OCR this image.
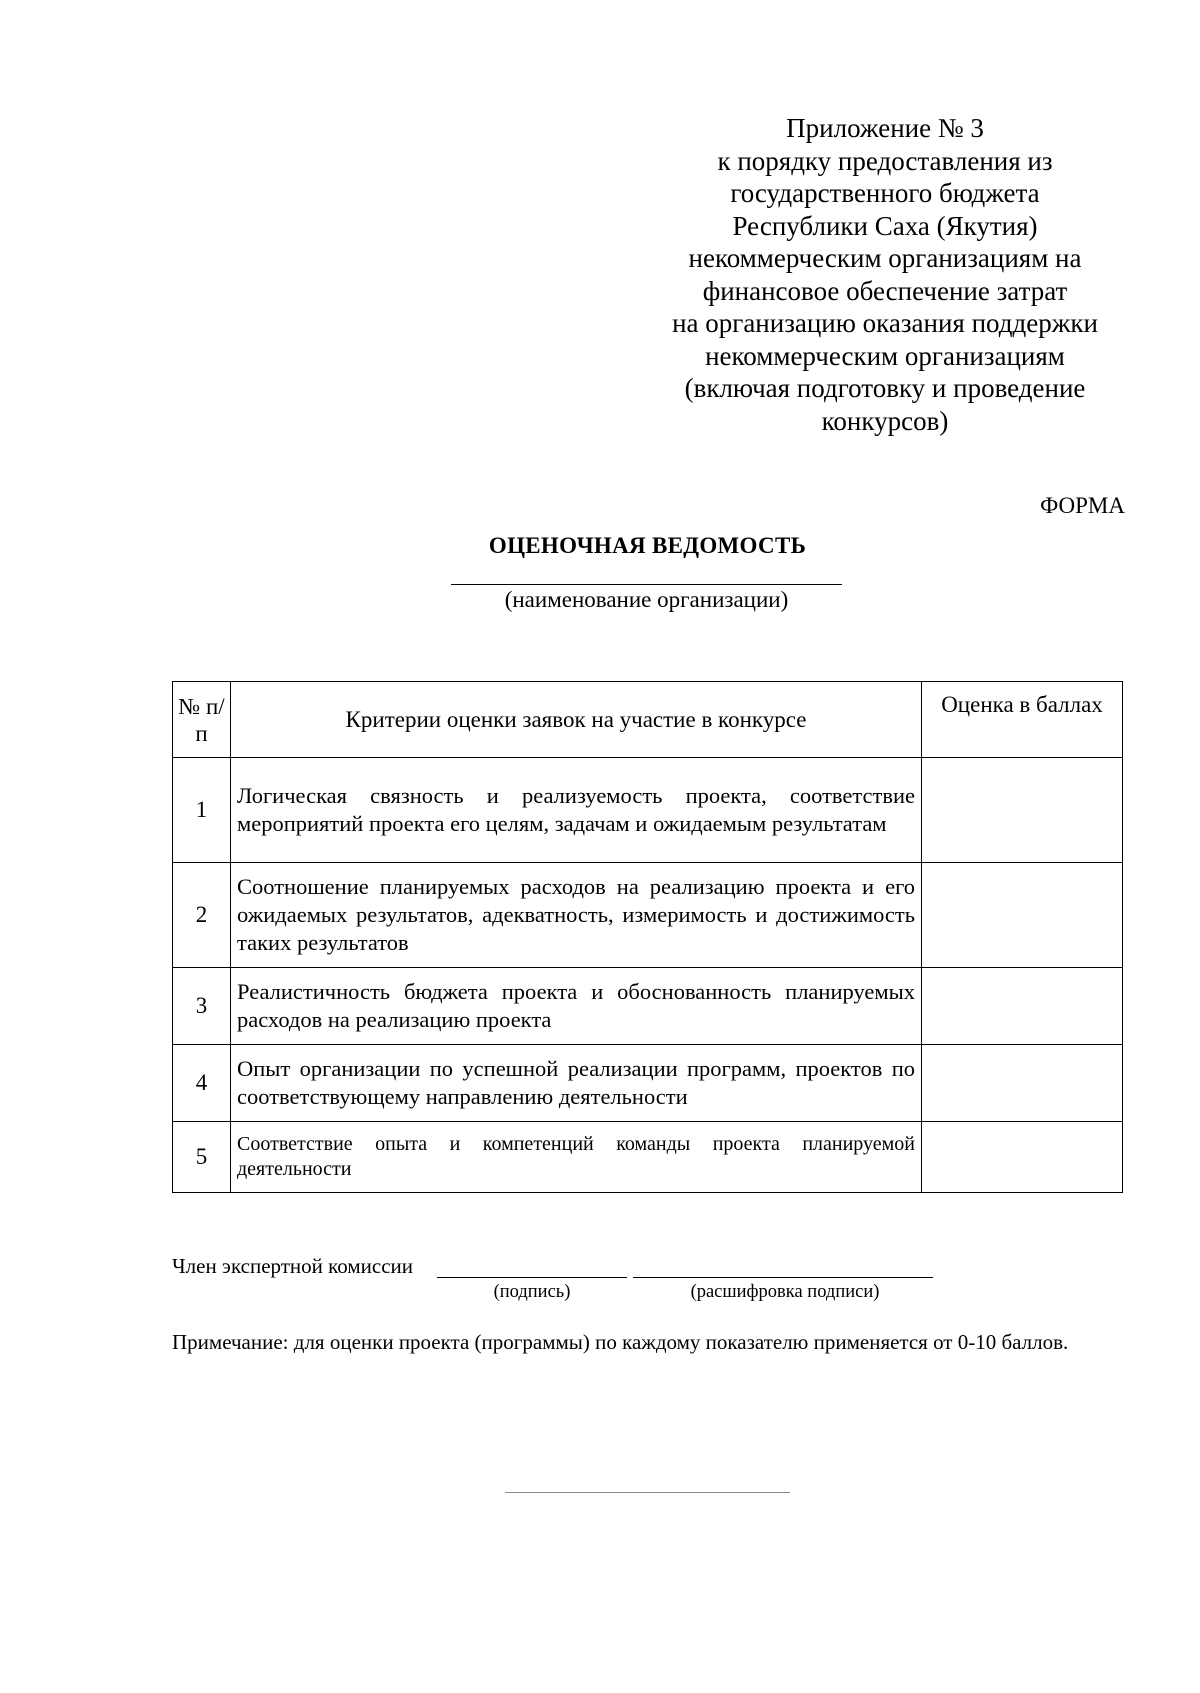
Приложение № 3
к порядку предоставления из
государственного бюджета
Республики Саха (Якутия)
некоммерческим организациям на
финансовое обеспечение затрат
на организацию оказания поддержки
некоммерческим организациям
(включая подготовку и проведение
конкурсов)
ФОРМА
ОЦЕНОЧНАЯ ВЕДОМОСТЬ
(наименование организации)
№ п/п	Критерии оценки заявок на участие в конкурсе	Оценка в баллах
1	Логическая связность и реализуемость проекта, соответствие мероприятий проекта его целям, задачам и ожидаемым результатам	
2	Соотношение планируемых расходов на реализацию проекта и его ожидаемых результатов, адекватность, измеримость и достижимость таких результатов	
3	Реалистичность бюджета проекта и обоснованность планируемых расходов на реализацию проекта	
4	Опыт организации по успешной реализации программ, проектов по соответствующему направлению деятельности	
5	Соответствие опыта и компетенций команды проекта планируемой деятельности	
Член экспертной комиссии
(подпись)	(расшифровка подписи)
Примечание: для оценки проекта (программы) по каждому показателю применяется от 0-10 баллов.
